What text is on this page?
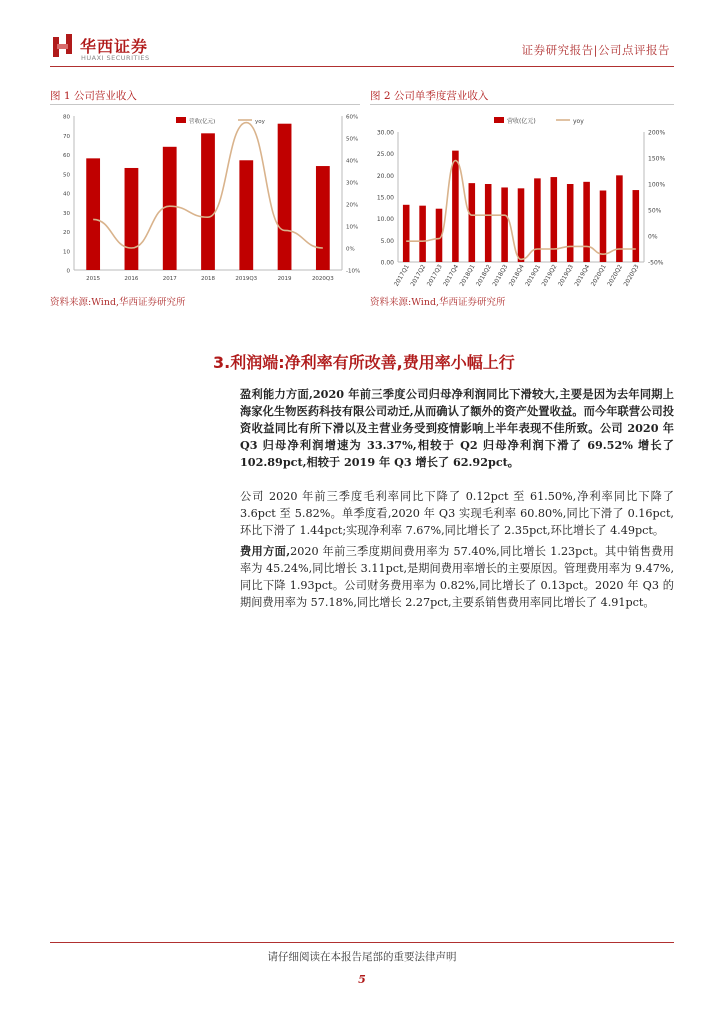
华西证券
HUAXI SECURITIES
证券研究报告|公司点评报告
图 1 公司营业收入
0
10
20
30
40
50
60
70
80
-10%
0%
10%
20%
30%
40%
50%
60%
2015	2016	2017	2018	2019Q3	2019	2020Q3
营收(亿元)	yoy
资料来源:Wind,华西证券研究所
图 2 公司单季度营业收入
0.00
5.00
10.00
15.00
20.00
25.00
30.00
-50%
0%
50%
100%
150%
200%
2017Q1
2017Q2
2017Q3
2017Q4
2018Q1
2018Q2
2018Q3
2018Q4
2019Q1
2019Q2
2019Q3
2019Q4
2020Q1
2020Q2
2020Q3
营收(亿元)	yoy
资料来源:Wind,华西证券研究所
3.利润端:净利率有所改善,费用率小幅上行

盈利能力方面,2020 年前三季度公司归母净利润同比下滑较大,主要是因为去年同期上海家化生物医药科技有限公司动迁,从而确认了额外的资产处置收益。而今年联营公司投资收益同比有所下滑以及主营业务受到疫情影响上半年表现不佳所致。公司 2020 年 Q3 归母净利润增速为 33.37%,相较于 Q2 归母净利润下滑了 69.52% 增长了 102.89pct,相较于 2019 年 Q3 增长了 62.92pct。

公司 2020 年前三季度毛利率同比下降了 0.12pct 至 61.50%,净利率同比下降了 3.6pct 至 5.82%。单季度看,2020 年 Q3 实现毛利率 60.80%,同比下滑了 0.16pct,环比下滑了 1.44pct;实现净利率 7.67%,同比增长了 2.35pct,环比增长了 4.49pct。

费用方面,2020 年前三季度期间费用率为 57.40%,同比增长 1.23pct。其中销售费用率为 45.24%,同比增长 3.11pct,是期间费用率增长的主要原因。管理费用率为 9.47%,同比下降 1.93pct。公司财务费用率为 0.82%,同比增长了 0.13pct。2020 年 Q3 的期间费用率为 57.18%,同比增长 2.27pct,主要系销售费用率同比增长了 4.91pct。

请仔细阅读在本报告尾部的重要法律声明
5
